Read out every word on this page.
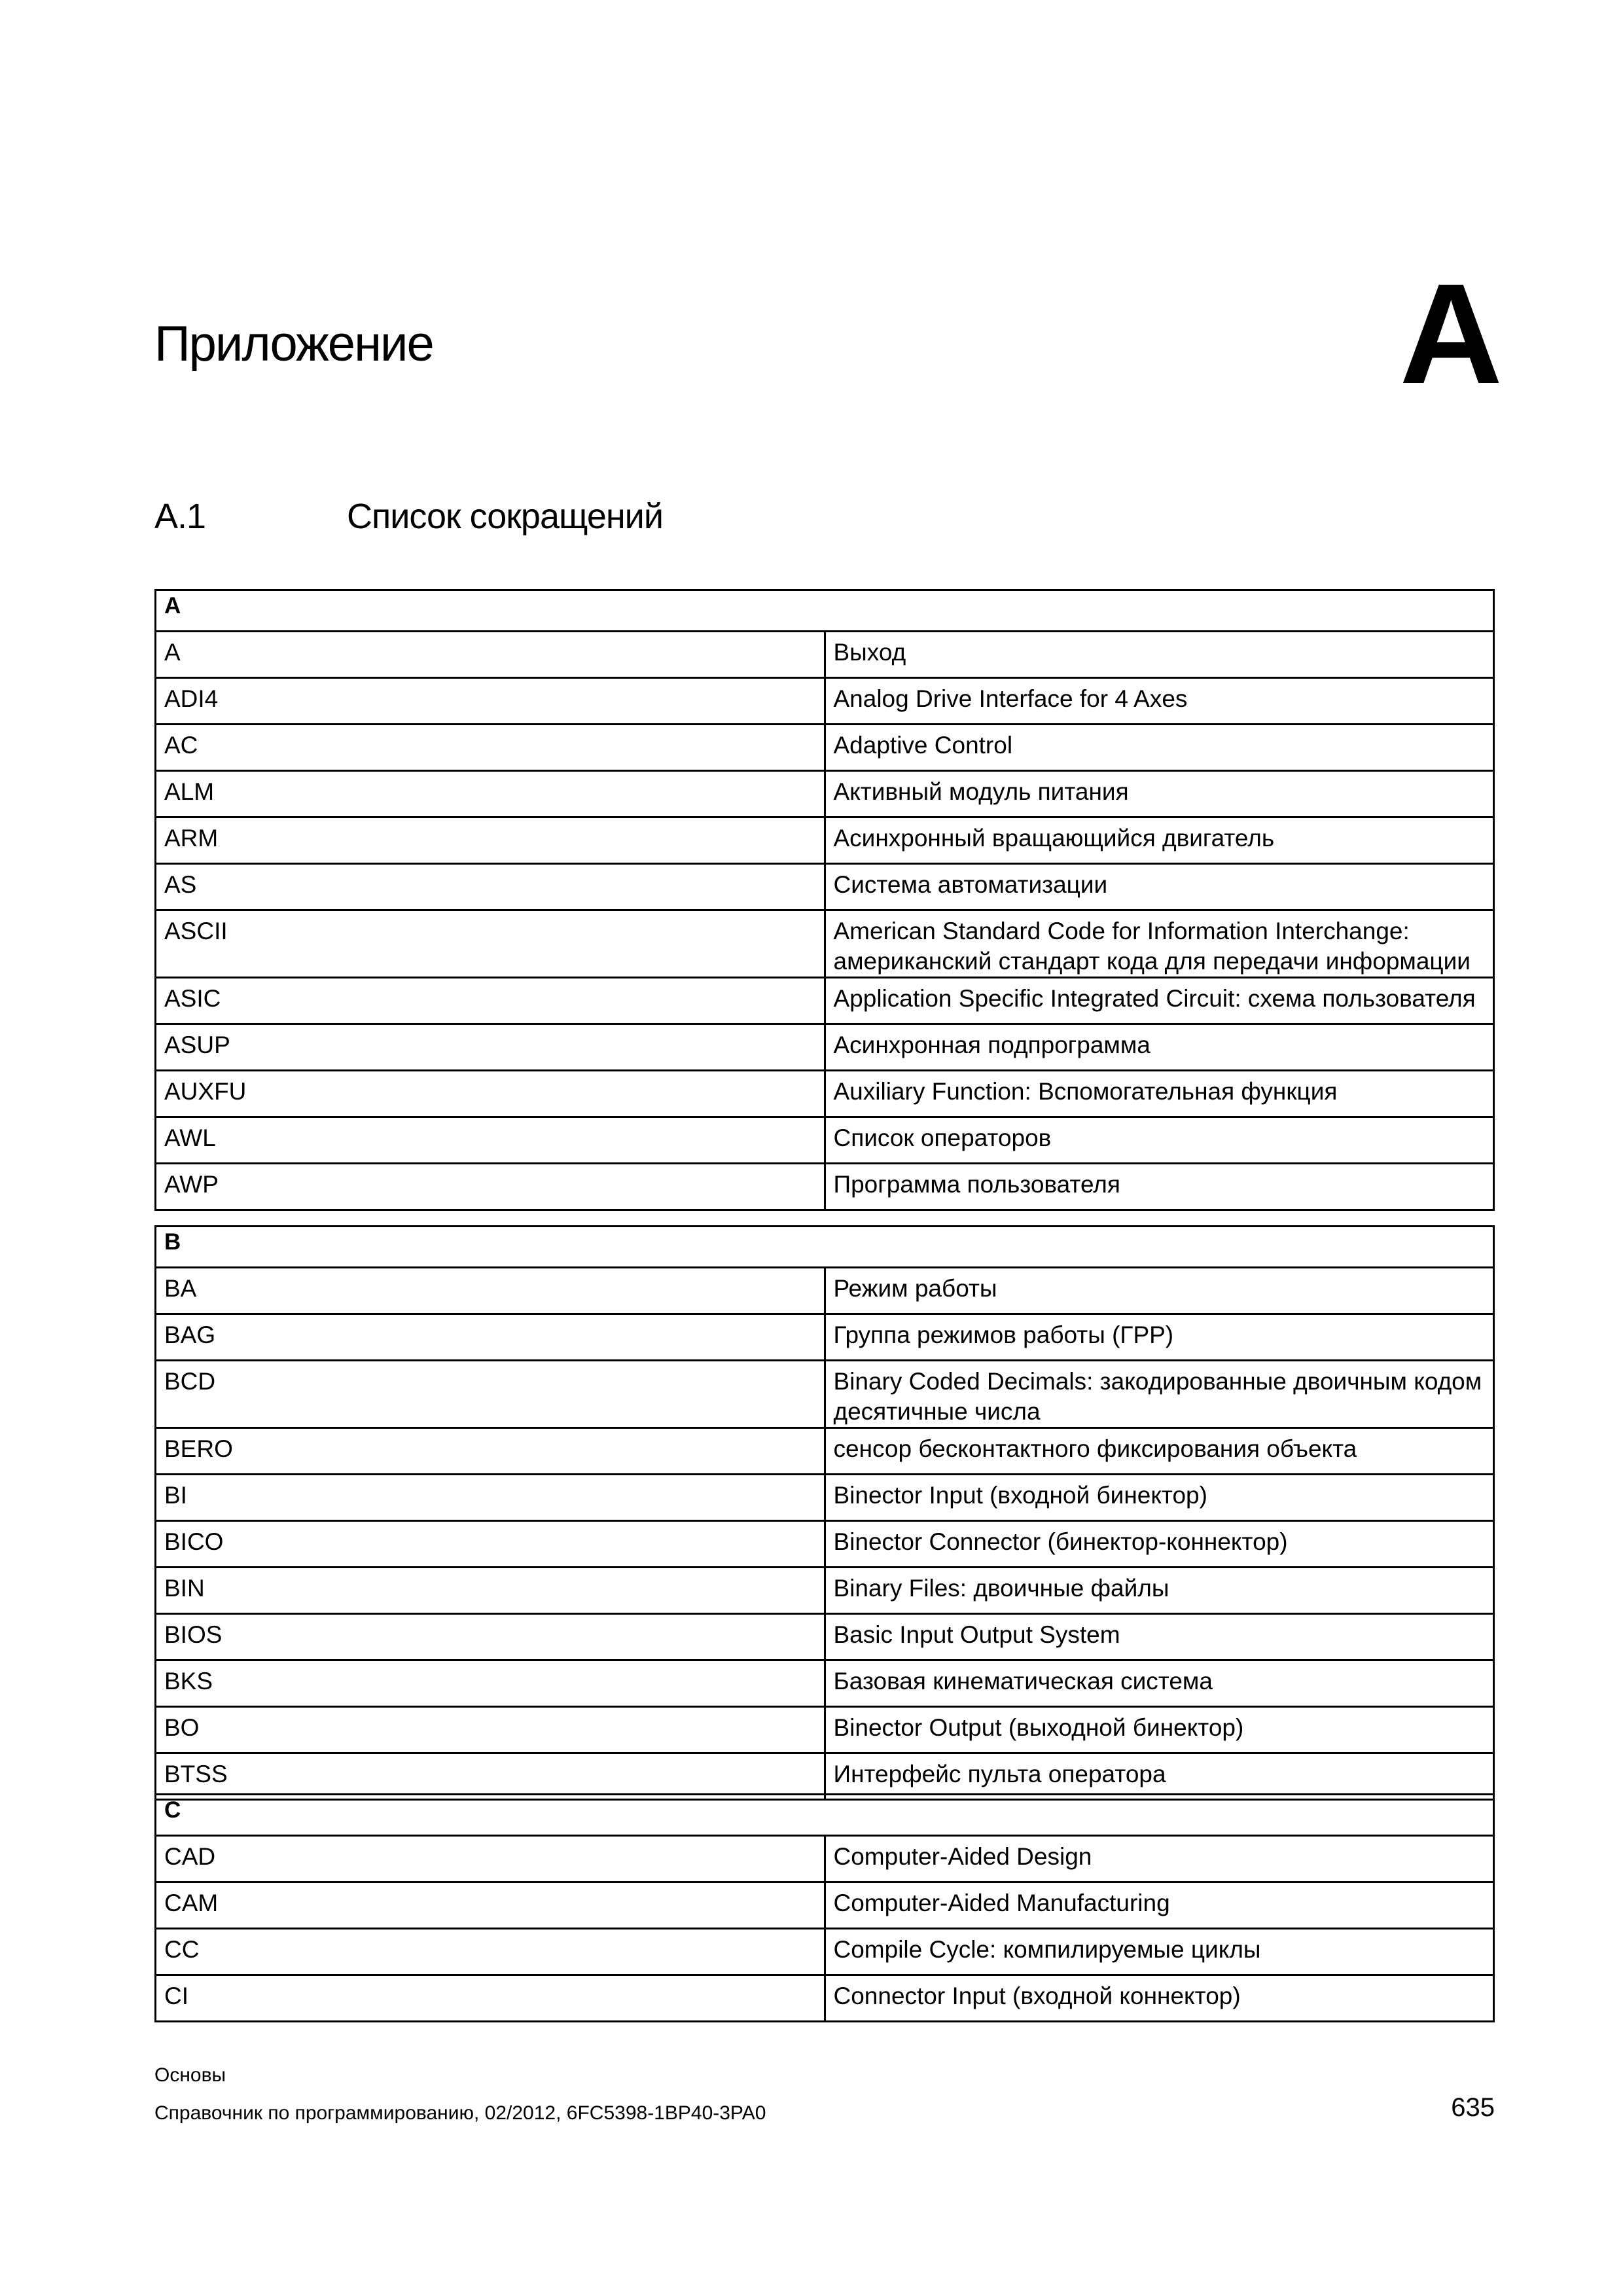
Приложение	A
A.1	Список сокращений
A	
A	Выход
ADI4	Analog Drive Interface for 4 Axes
AC	Adaptive Control
ALM	Активный модуль питания
ARM	Асинхронный вращающийся двигатель
AS	Система автоматизации
ASCII	American Standard Code for Information Interchange: американский стандарт кода для передачи информации
ASIC	Application Specific Integrated Circuit: схема пользователя
ASUP	Асинхронная подпрограмма
AUXFU	Auxiliary Function: Вспомогательная функция
AWL	Список операторов
AWP	Программа пользователя
B	
BA	Режим работы
BAG	Группа режимов работы (ГРР)
BCD	Binary Coded Decimals: закодированные двоичным кодом десятичные числа
BERO	сенсор бесконтактного фиксирования объекта
BI	Binector Input (входной бинектор)
BICO	Binector Connector (бинектор-коннектор)
BIN	Binary Files: двоичные файлы
BIOS	Basic Input Output System
BKS	Базовая кинематическая система
BO	Binector Output (выходной бинектор)
BTSS	Интерфейс пульта оператора
C	
CAD	Computer-Aided Design
CAM	Computer-Aided Manufacturing
CC	Compile Cycle: компилируемые циклы
CI	Connector Input (входной коннектор)
Основы
Справочник по программированию, 02/2012, 6FC5398-1BP40-3PA0	635
